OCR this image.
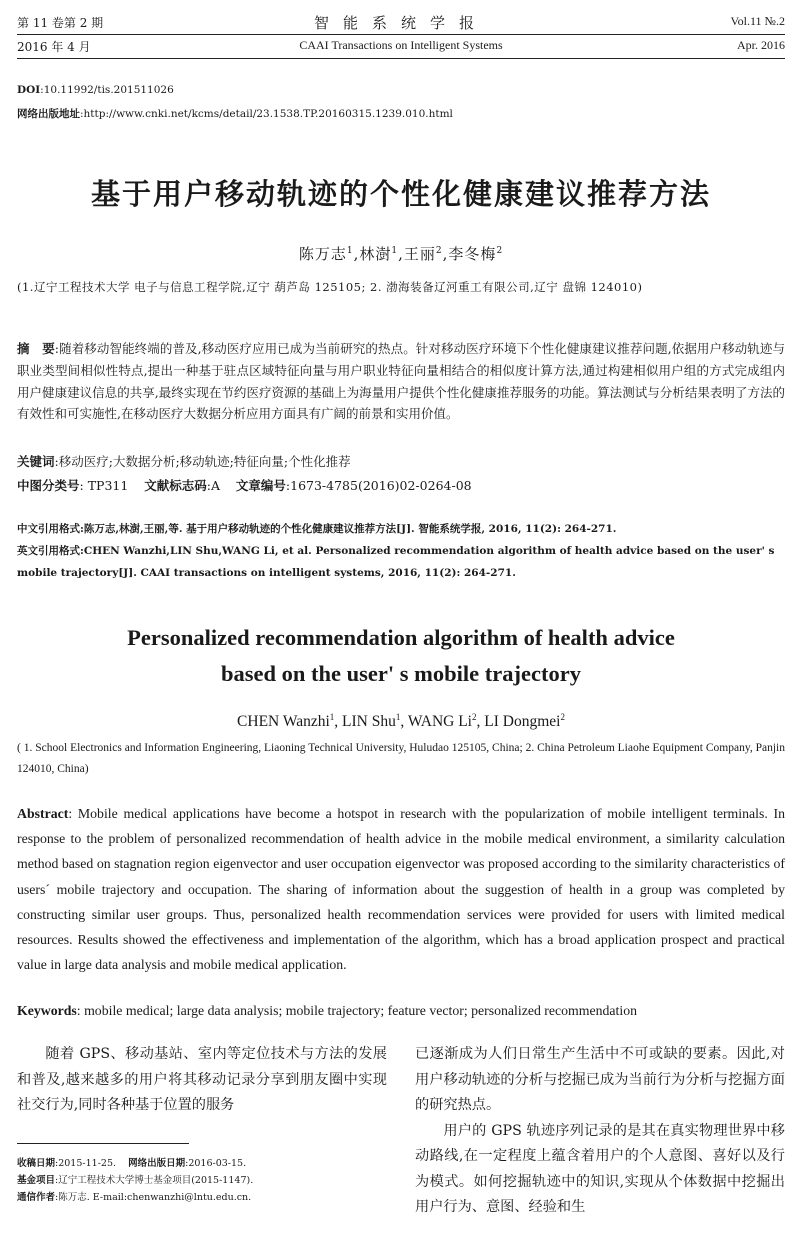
第 11 卷第 2 期	智能系统学报	Vol.11 №.2
2016 年 4 月	CAAI Transactions on Intelligent Systems	Apr. 2016
DOI:10.11992/tis.201511026
网络出版地址:http://www.cnki.net/kcms/detail/23.1538.TP.20160315.1239.010.html
基于用户移动轨迹的个性化健康建议推荐方法
陈万志$^1$,林澍$^1$,王丽$^2$,李冬梅$^2$
(1.辽宁工程技术大学 电子与信息工程学院,辽宁 葫芦岛 125105; 2. 渤海装备辽河重工有限公司,辽宁 盘锦 124010)
摘　要:随着移动智能终端的普及,移动医疗应用已成为当前研究的热点。针对移动医疗环境下个性化健康建议推荐问题,依据用户移动轨迹与职业类型间相似性特点,提出一种基于驻点区域特征向量与用户职业特征向量相结合的相似度计算方法,通过构建相似用户组的方式完成组内用户健康建议信息的共享,最终实现在节约医疗资源的基础上为海量用户提供个性化健康推荐服务的功能。算法测试与分析结果表明了方法的有效性和可实施性,在移动医疗大数据分析应用方面具有广阔的前景和实用价值。
关键词:移动医疗;大数据分析;移动轨迹;特征向量;个性化推荐
中图分类号: TP311 文献标志码:A 文章编号:1673-4785(2016)02-0264-08
中文引用格式:陈万志,林澍,王丽,等. 基于用户移动轨迹的个性化健康建议推荐方法[J]. 智能系统学报, 2016, 11(2): 264-271.
英文引用格式:CHEN Wanzhi,LIN Shu,WANG Li, et al. Personalized recommendation algorithm of health advice based on the user' s mobile trajectory[J]. CAAI transactions on intelligent systems, 2016, 11(2): 264-271.
Personalized recommendation algorithm of health advice
based on the user' s mobile trajectory
CHEN Wanzhi$^1$, LIN Shu$^1$, WANG Li$^2$, LI Dongmei$^2$
( 1. School Electronics and Information Engineering, Liaoning Technical University, Huludao 125105, China; 2. China Petroleum Liaohe Equipment Company, Panjin 124010, China)
Abstract: Mobile medical applications have become a hotspot in research with the popularization of mobile intelligent terminals. In response to the problem of personalized recommendation of health advice in the mobile medical environment, a similarity calculation method based on stagnation region eigenvector and user occupation eigenvector was proposed according to the similarity characteristics of users´ mobile trajectory and occupation. The sharing of information about the suggestion of health in a group was completed by constructing similar user groups. Thus, personalized health recommendation services were provided for users with limited medical resources. Results showed the effectiveness and implementation of the algorithm, which has a broad application prospect and practical value in large data analysis and mobile medical application.
Keywords: mobile medical; large data analysis; mobile trajectory; feature vector; personalized recommendation

随着 GPS、移动基站、室内等定位技术与方法的发展和普及,越来越多的用户将其移动记录分享到朋友圈中实现社交行为,同时各种基于位置的服务

已逐渐成为人们日常生产生活中不可或缺的要素。因此,对用户移动轨迹的分析与挖掘已成为当前行为分析与挖掘方面的研究热点。

用户的 GPS 轨迹序列记录的是其在真实物理世界中移动路线,在一定程度上蕴含着用户的个人意图、喜好以及行为模式。如何挖掘轨迹中的知识,实现从个体数据中挖掘出用户行为、意图、经验和生

收稿日期:2015-11-25. 网络出版日期:2016-03-15.
基金项目:辽宁工程技术大学博士基金项目(2015-1147).
通信作者:陈万志. E-mail:chenwanzhi@lntu.edu.cn.
